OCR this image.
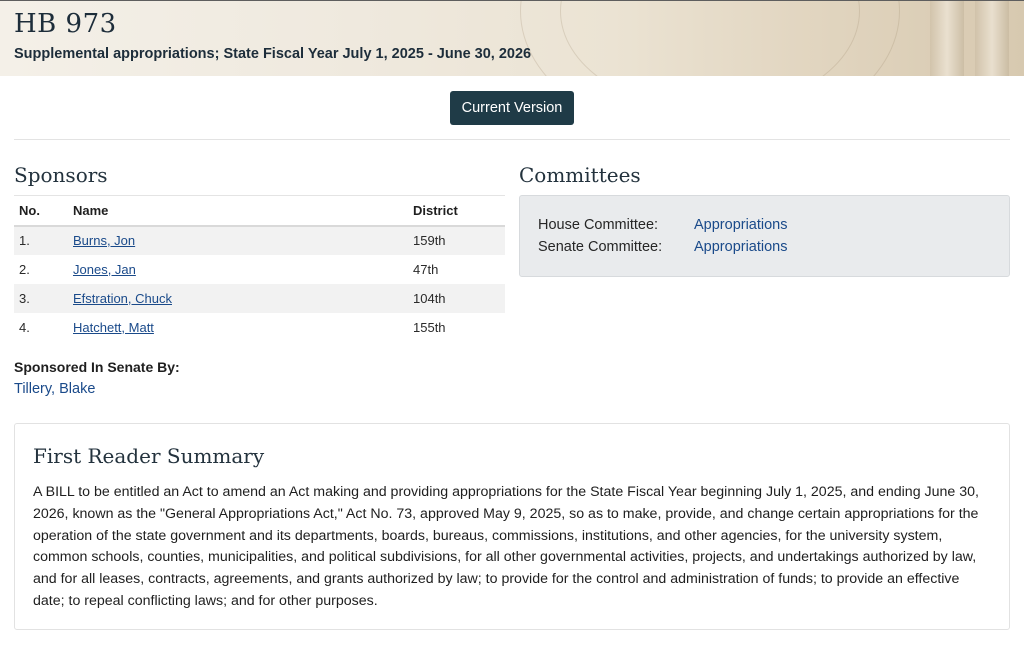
HB 973
Supplemental appropriations; State Fiscal Year July 1, 2025 - June 30, 2026
Current Version
Sponsors
No.	Name	District
1.	Burns, Jon	159th
2.	Jones, Jan	47th
3.	Efstration, Chuck	104th
4.	Hatchett, Matt	155th
Sponsored In Senate By:
Tillery, Blake
Committees
House Committee: Appropriations
Senate Committee: Appropriations
First Reader Summary

A BILL to be entitled an Act to amend an Act making and providing appropriations for the State Fiscal Year beginning July 1, 2025, and ending June 30, 2026, known as the "General Appropriations Act," Act No. 73, approved May 9, 2025, so as to make, provide, and change certain appropriations for the operation of the state government and its departments, boards, bureaus, commissions, institutions, and other agencies, for the university system, common schools, counties, municipalities, and political subdivisions, for all other governmental activities, projects, and undertakings authorized by law, and for all leases, contracts, agreements, and grants authorized by law; to provide for the control and administration of funds; to provide an effective date; to repeal conflicting laws; and for other purposes.
